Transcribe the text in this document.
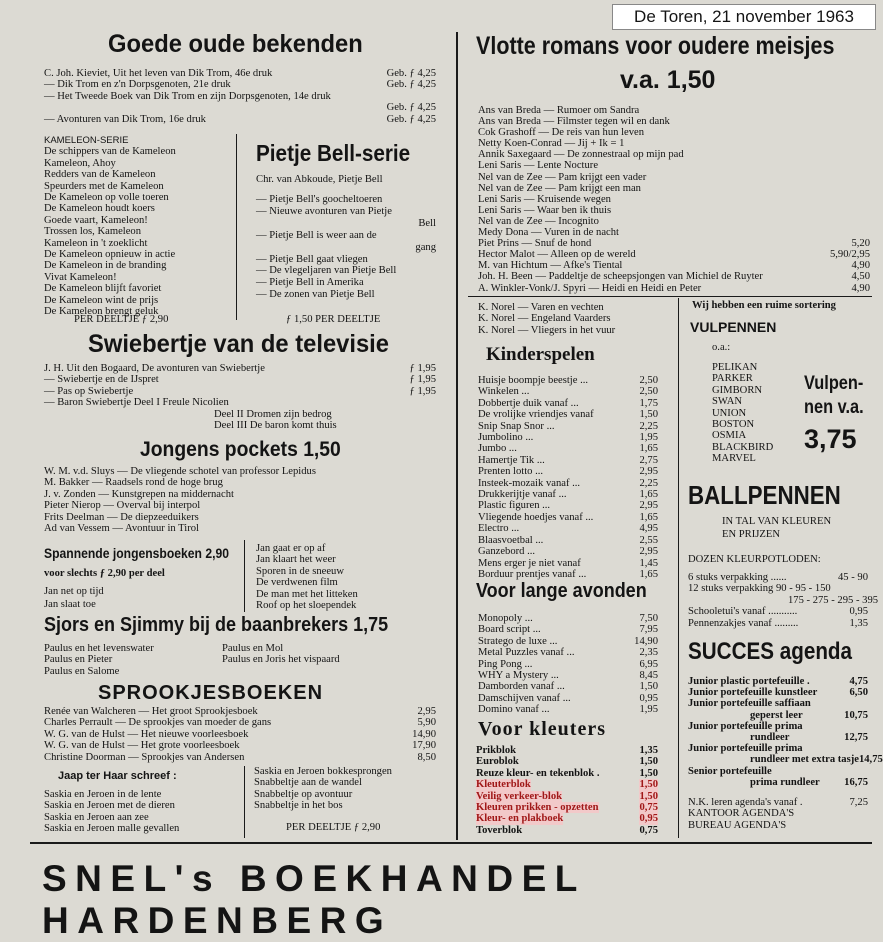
De Toren, 21 november 1963
Goede oude bekenden
C. Joh. Kieviet, Uit het leven van Dik Trom, 46e druk	Geb. ƒ 4,25
— Dik Trom en z'n Dorpsgenoten, 21e druk	Geb. ƒ 4,25
— Het Tweede Boek van Dik Trom en zijn Dorpsgenoten, 14e druk
Geb. ƒ 4,25
— Avonturen van Dik Trom, 16e druk	Geb. ƒ 4,25
KAMELEON-SERIE
De schippers van de Kameleon
Kameleon, Ahoy
Redders van de Kameleon
Speurders met de Kameleon
De Kameleon op volle toeren
De Kameleon houdt koers
Goede vaart, Kameleon!
Trossen los, Kameleon
Kameleon in 't zoeklicht
De Kameleon opnieuw in actie
De Kameleon in de branding
Vivat Kameleon!
De Kameleon blijft favoriet
De Kameleon wint de prijs
De Kameleon brengt geluk
PER DEELTJE ƒ 2,90
Pietje Bell-serie
Chr. van Abkoude, Pietje Bell
— Pietje Bell's goocheltoeren
— Nieuwe avonturen van Pietje
Bell
— Pietje Bell is weer aan de
gang
— Pietje Bell gaat vliegen
— De vlegeljaren van Pietje Bell
— Pietje Bell in Amerika
— De zonen van Pietje Bell
ƒ 1,50 PER DEELTJE
Swiebertje van de televisie
J. H. Uit den Bogaard, De avonturen van Swiebertje	ƒ 1,95
— Swiebertje en de IJspret	ƒ 1,95
— Pas op Swiebertje	ƒ 1,95
— Baron Swiebertje Deel I Freule Nicolien
Deel II Dromen zijn bedrog
Deel III De baron komt thuis
Jongens pockets 1,50
W. M. v.d. Sluys — De vliegende schotel van professor Lepidus
M. Bakker — Raadsels rond de hoge brug
J. v. Zonden — Kunstgrepen na middernacht
Pieter Nierop — Overval bij interpol
Frits Deelman — De diepzeeduikers
Ad van Vessem — Avontuur in Tirol
Spannende jongensboeken 2,90
voor slechts ƒ 2,90 per deel
Jan net op tijd
Jan slaat toe
Jan gaat er op af
Jan klaart het weer
Sporen in de sneeuw
De verdwenen film
De man met het litteken
Roof op het sloependek
Sjors en Sjimmy bij de baanbrekers 1,75
Paulus en het levenswater
Paulus en Pieter
Paulus en Salome
Paulus en Mol
Paulus en Joris het vispaard
SPROOKJESBOEKEN
Renée van Walcheren — Het groot Sprookjesboek	2,95
Charles Perrault — De sprookjes van moeder de gans	5,90
W. G. van de Hulst — Het nieuwe voorleesboek	14,90
W. G. van de Hulst — Het grote voorleesboek	17,90
Christine Doorman — Sprookjes van Andersen	8,50
Jaap ter Haar schreef :
Saskia en Jeroen in de lente
Saskia en Jeroen met de dieren
Saskia en Jeroen aan zee
Saskia en Jeroen malle gevallen
Saskia en Jeroen bokkesprongen
Snabbeltje aan de wandel
Snabbeltje op avontuur
Snabbeltje in het bos
PER DEELTJE ƒ 2,90
Vlotte romans voor oudere meisjes
v.a. 1,50
Ans van Breda — Rumoer om Sandra
Ans van Breda — Filmster tegen wil en dank
Cok Grashoff — De reis van hun leven
Netty Koen-Conrad — Jij + Ik = 1
Annik Saxegaard — De zonnestraal op mijn pad
Leni Saris — Lente Nocture
Nel van de Zee — Pam krijgt een vader
Nel van de Zee — Pam krijgt een man
Leni Saris — Kruisende wegen
Leni Saris — Waar ben ik thuis
Nel van de Zee — Incognito
Medy Dona — Vuren in de nacht
Piet Prins — Snuf de hond	5,20
Hector Malot — Alleen op de wereld	5,90/2,95
M. van Hichtum — Afke's Tiental	4,90
Joh. H. Been — Paddeltje de scheepsjongen van Michiel de Ruyter	4,50
A. Winkler-Vonk/J. Spyri — Heidi en Heidi en Peter	4,90
K. Norel — Varen en vechten
K. Norel — Engeland Vaarders
K. Norel — Vliegers in het vuur
Kinderspelen
Huisje boompje beestje ...	2,50
Winkelen ...	2,50
Dobbertje duik vanaf ...	1,75
De vrolijke vriendjes vanaf	1,50
Snip Snap Snor ...	2,25
Jumbolino ...	1,95
Jumbo ...	1,65
Hamertje Tik ...	2,75
Prenten lotto ...	2,95
Insteek-mozaik vanaf ...	2,25
Drukkerijtje vanaf ...	1,65
Plastic figuren ...	2,95
Vliegende hoedjes vanaf ...	1,65
Electro ...	4,95
Blaasvoetbal ...	2,55
Ganzebord ...	2,95
Mens erger je niet vanaf	1,45
Borduur prentjes vanaf ...	1,65
Voor lange avonden
Monopoly ...	7,50
Board script ...	7,95
Stratego de luxe ...	14,90
Metal Puzzles vanaf ...	2,35
Ping Pong ...	6,95
WHY a Mystery ...	8,45
Damborden vanaf ...	1,50
Damschijven vanaf ...	0,95
Domino vanaf ...	1,95
Voor kleuters
Prikblok	1,35
Euroblok	1,50
Reuze kleur- en tekenblok .	1,50
Kleuterblok	1,50
Veilig verkeer-blok	1,50
Kleuren prikken - opzetten	0,75
Kleur- en plakboek	0,95
Toverblok	0,75
Wij hebben een ruime sortering
VULPENNEN
o.a.:
PELIKAN
PARKER
GIMBORN
SWAN
UNION
BOSTON
OSMIA
BLACKBIRD
MARVEL
Vulpen-
nen v.a.
3,75
BALLPENNEN
IN TAL VAN KLEUREN
EN PRIJZEN
DOZEN KLEURPOTLODEN:
6 stuks verpakking ......	45 - 90
12 stuks verpakking 90 - 95 - 150
175 - 275 - 295 - 395
Schooletui's vanaf ...........	0,95
Pennenzakjes vanaf .........	1,35
SUCCES agenda
Junior plastic portefeuille .	4,75
Junior portefeuille kunstleer	6,50
Junior portefeuille saffiaan
geperst leer	10,75
Junior portefeuille prima
rundleer	12,75
Junior portefeuille prima
rundleer met extra tasje 14,75
Senior portefeuille
prima rundleer 16,75
N.K. leren agenda's vanaf .	7,25
KANTOOR AGENDA'S
BUREAU AGENDA'S
SNEL's BOEKHANDEL HARDENBERG
